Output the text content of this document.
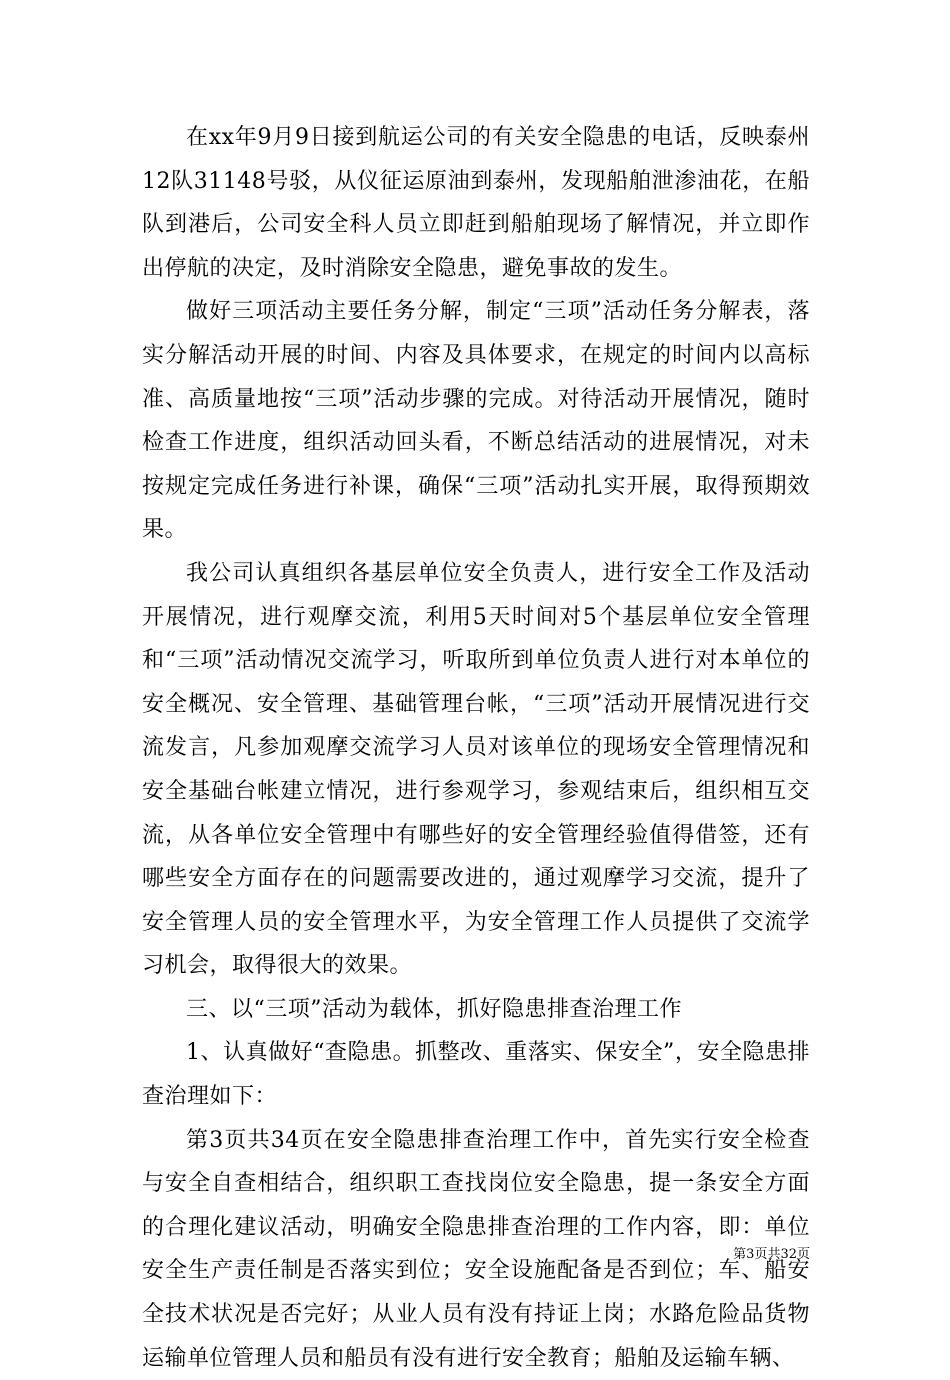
在xx年9月9日接到航运公司的有关安全隐患的电话，反映泰州12队31148号驳，从仪征运原油到泰州，发现船舶泄渗油花，在船队到港后，公司安全科人员立即赶到船舶现场了解情况，并立即作出停航的决定，及时消除安全隐患，避免事故的发生。

做好三项活动主要任务分解，制定“三项”活动任务分解表，落实分解活动开展的时间、内容及具体要求，在规定的时间内以高标准、高质量地按“三项”活动步骤的完成。对待活动开展情况，随时检查工作进度，组织活动回头看，不断总结活动的进展情况，对未按规定完成任务进行补课，确保“三项”活动扎实开展，取得预期效果。

我公司认真组织各基层单位安全负责人，进行安全工作及活动开展情况，进行观摩交流，利用5天时间对5个基层单位安全管理和“三项”活动情况交流学习，听取所到单位负责人进行对本单位的安全概况、安全管理、基础管理台帐，“三项”活动开展情况进行交流发言，凡参加观摩交流学习人员对该单位的现场安全管理情况和安全基础台帐建立情况，进行参观学习，参观结束后，组织相互交流，从各单位安全管理中有哪些好的安全管理经验值得借签，还有哪些安全方面存在的问题需要改进的，通过观摩学习交流，提升了安全管理人员的安全管理水平，为安全管理工作人员提供了交流学习机会，取得很大的效果。

三、以“三项”活动为载体，抓好隐患排查治理工作

1、认真做好“查隐患。抓整改、重落实、保安全”，安全隐患排查治理如下：

第3页共34页在安全隐患排查治理工作中，首先实行安全检查与安全自查相结合，组织职工查找岗位安全隐患，提一条安全方面的合理化建议活动，明确安全隐患排查治理的工作内容，即：单位安全生产责任制是否落实到位；安全设施配备是否到位；车、船安全技术状况是否完好；从业人员有没有持证上岗；水路危险品货物运输单位管理人员和船员有没有进行安全教育；船舶及运输车辆、

第3页共32页
